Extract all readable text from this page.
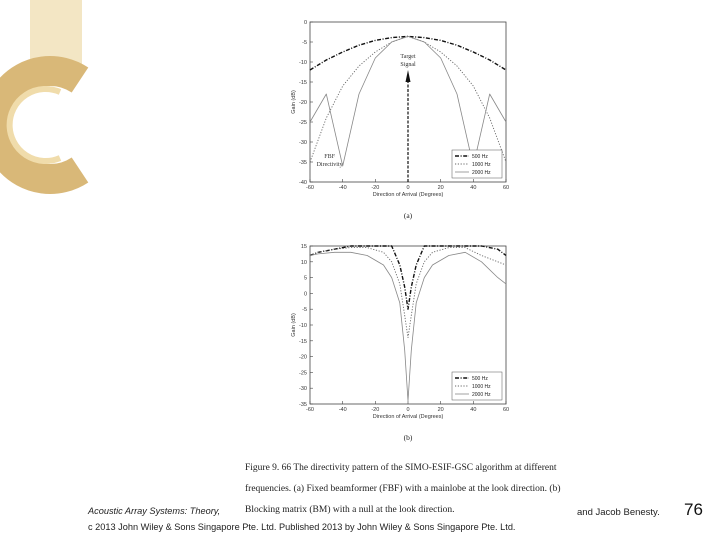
0
-5
-10
-15
-20
-25
-30
-35
-40
-60	-40	-20	0	20	40	60
Direction of Arrival (Degrees)
Gain (dB)
500 Hz
1000 Hz
2000 Hz
Target
Signal
FBF
Directivity
(a)
15
10
5
0
-5
-10
-15
-20
-25
-30
-35
-60	-40	-20	0	20	40	60
Direction of Arrival (Degrees)
Gain (dB)
500 Hz
1000 Hz
2000 Hz
(b)
Figure 9. 66 The directivity pattern of the SIMO-ESIF-GSC algorithm at different
frequencies. (a) Fixed beamformer (FBF) with a mainlobe at the look direction. (b)
Blocking matrix (BM) with a null at the look direction.
Acoustic Array Systems: Theory,
c 2013 John Wiley & Sons Singapore Pte. Ltd. Published 2013 by John Wiley & Sons Singapore Pte. Ltd.
and Jacob Benesty. 76
